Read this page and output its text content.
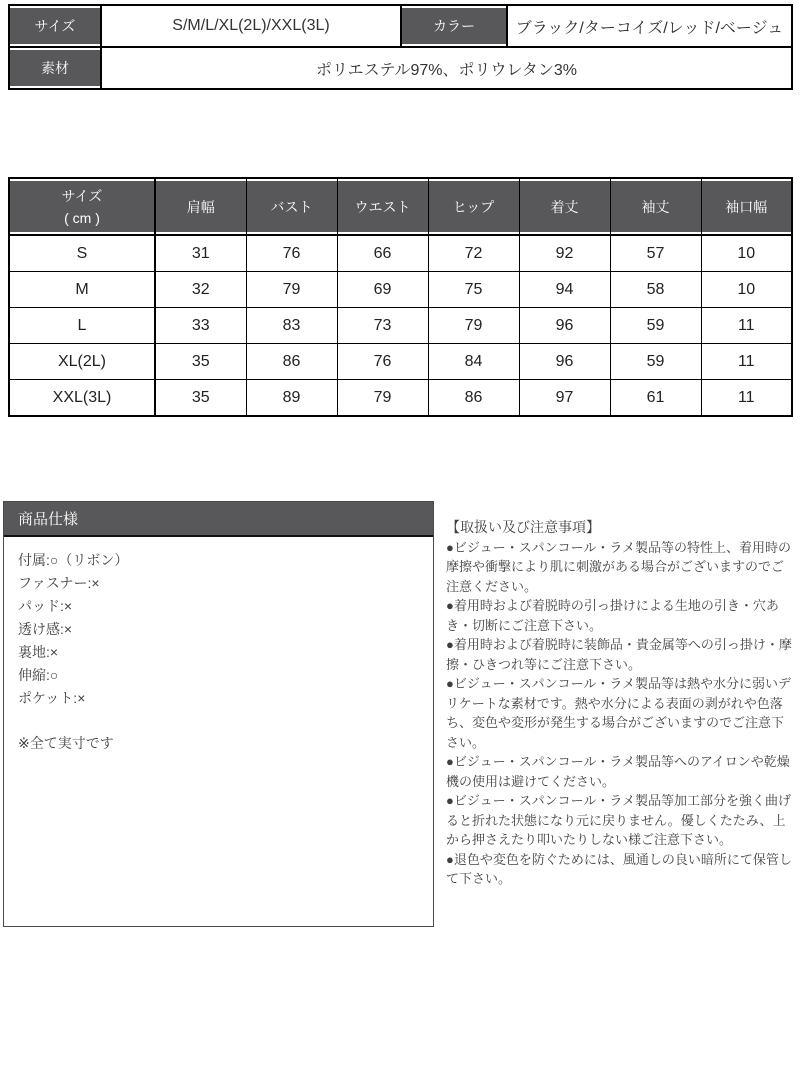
サイズ	S/M/L/XL(2L)/XXL(3L)	カラー	ブラック/ターコイズ/レッド/ベージュ
素材	ポリエステル97%、ポリウレタン3%		
サイズ
( cm )	肩幅	バスト	ウエスト	ヒップ	着丈	袖丈	袖口幅
S	31	76	66	72	92	57	10
M	32	79	69	75	94	58	10
L	33	83	73	79	96	59	11
XL(2L)	35	86	76	84	96	59	11
XXL(3L)	35	89	79	86	97	61	11
商品仕様
付属:○（リボン）
ファスナー:×
パッド:×
透け感:×
裏地:×
伸縮:○
ポケット:×
※全て実寸です
【取扱い及び注意事項】

●ビジュー・スパンコール・ラメ製品等の特性上、着用時の摩擦や衝撃により肌に刺激がある場合がございますのでご注意ください。

●着用時および着脱時の引っ掛けによる生地の引き・穴あき・切断にご注意下さい。

●着用時および着脱時に装飾品・貴金属等への引っ掛け・摩擦・ひきつれ等にご注意下さい。

●ビジュー・スパンコール・ラメ製品等は熱や水分に弱いデリケートな素材です。熱や水分による表面の剥がれや色落ち、変色や変形が発生する場合がございますのでご注意下さい。

●ビジュー・スパンコール・ラメ製品等へのアイロンや乾燥機の使用は避けてください。

●ビジュー・スパンコール・ラメ製品等加工部分を強く曲げると折れた状態になり元に戻りません。優しくたたみ、上から押さえたり叩いたりしない様ご注意下さい。

●退色や変色を防ぐためには、風通しの良い暗所にて保管して下さい。
